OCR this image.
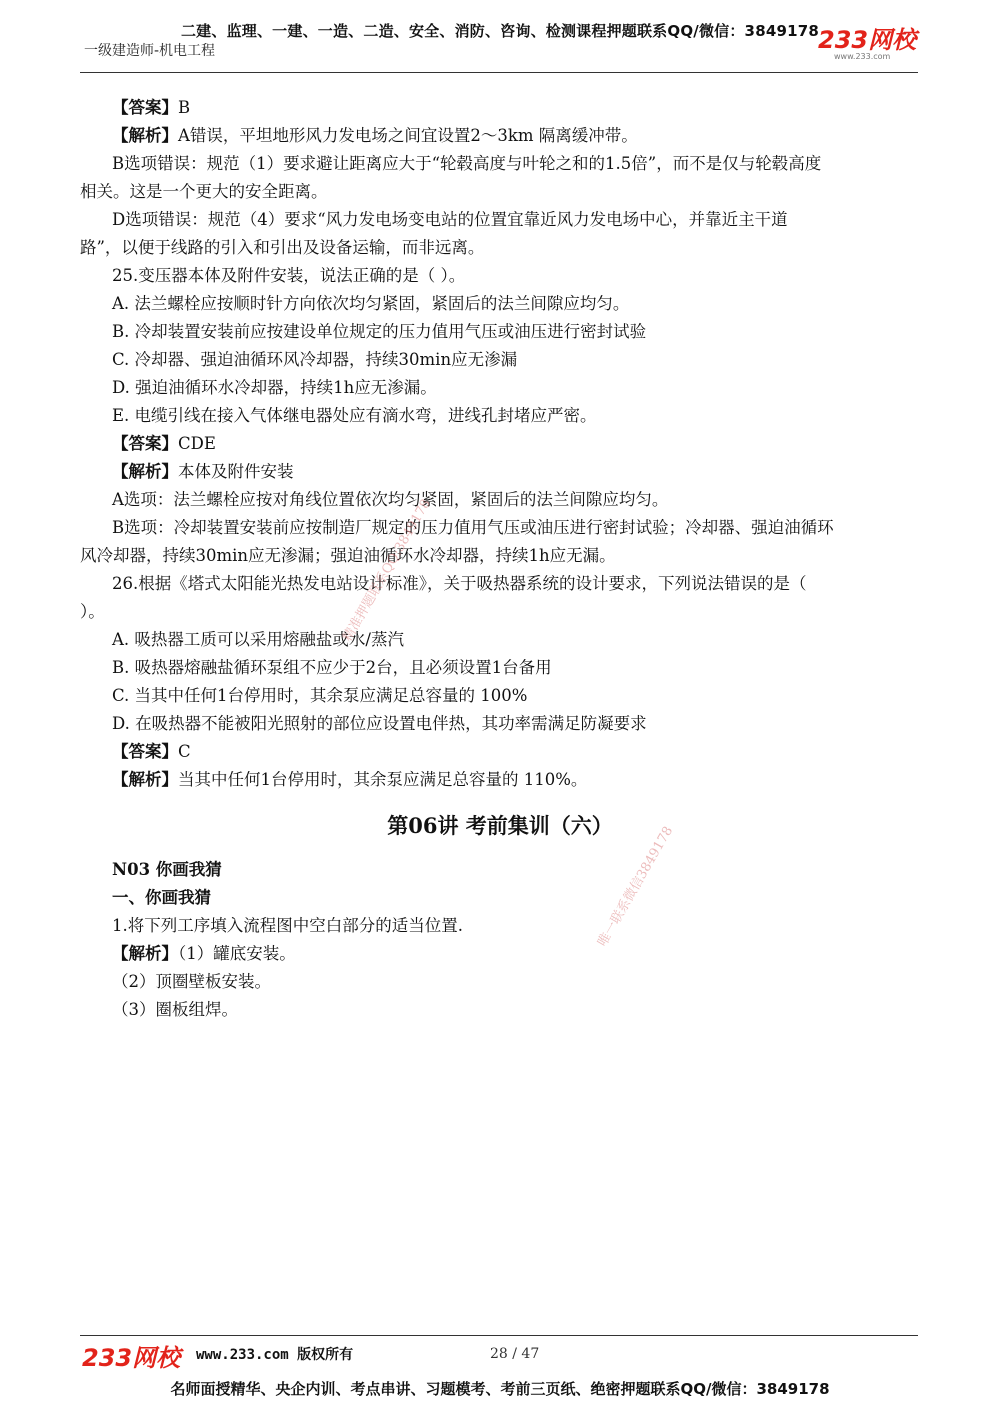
二建、监理、一建、一造、二造、安全、消防、咨询、检测课程押题联系QQ/微信：3849178
一级建造师-机电工程	233网校
www.233.com
【答案】B
【解析】A错误，平坦地形风力发电场之间宜设置2～3km 隔离缓冲带。
B选项错误：规范（1）要求避让距离应大于“轮毂高度与叶轮之和的1.5倍”，而不是仅与轮毂高度
相关。这是一个更大的安全距离。
D选项错误：规范（4）要求“风力发电场变电站的位置宜靠近风力发电场中心，并靠近主干道
路”，以便于线路的引入和引出及设备运输，而非远离。
25.变压器本体及附件安装，说法正确的是（ ）。
A. 法兰螺栓应按顺时针方向依次均匀紧固，紧固后的法兰间隙应均匀。
B. 冷却装置安装前应按建设单位规定的压力值用气压或油压进行密封试验
C. 冷却器、强迫油循环风冷却器，持续30min应无渗漏
D. 强迫油循环水冷却器，持续1h应无渗漏。
E. 电缆引线在接入气体继电器处应有滴水弯，进线孔封堵应严密。
【答案】CDE
【解析】本体及附件安装
A选项：法兰螺栓应按对角线位置依次均匀紧固，紧固后的法兰间隙应均匀。
B选项：冷却装置安装前应按制造厂规定的压力值用气压或油压进行密封试验；冷却器、强迫油循环
风冷却器，持续30min应无渗漏；强迫油循环水冷却器，持续1h应无漏。
26.根据《塔式太阳能光热发电站设计标准》，关于吸热器系统的设计要求，下列说法错误的是（
）。
A. 吸热器工质可以采用熔融盐或水/蒸汽
B. 吸热器熔融盐循环泵组不应少于2台，且必须设置1台备用
C. 当其中任何1台停用时，其余泵应满足总容量的 100%
D. 在吸热器不能被阳光照射的部位应设置电伴热，其功率需满足防凝要求
【答案】C
【解析】当其中任何1台停用时，其余泵应满足总容量的 110%。
第06讲 考前集训（六）
N03 你画我猜
一、你画我猜
1.将下列工序填入流程图中空白部分的适当位置.
【解析】（1）罐底安装。
（2）顶圈壁板安装。
（3）圈板组焊。
精准押题联系QQ:3849178
唯一联系微信3849178
233网校 www.233.com 版权所有	28 / 47
名师面授精华、央企内训、考点串讲、习题模考、考前三页纸、绝密押题联系QQ/微信：3849178
